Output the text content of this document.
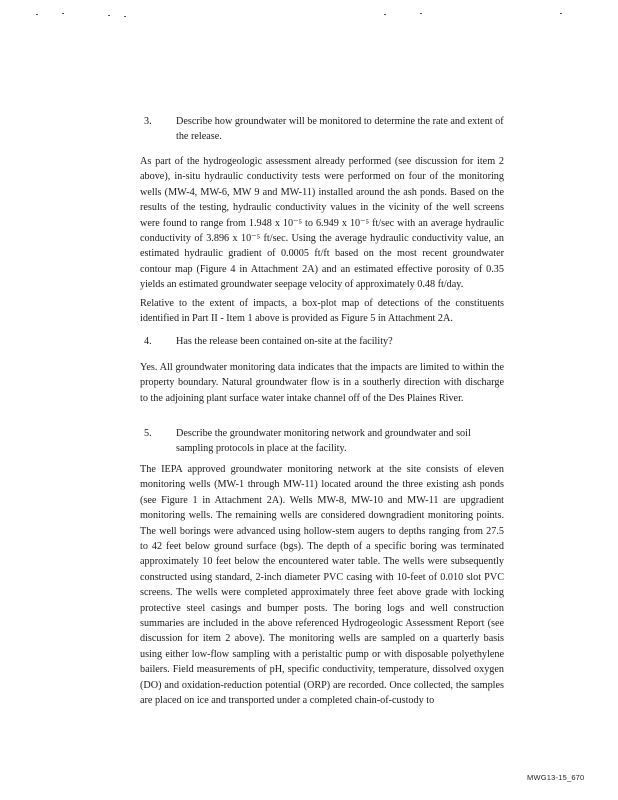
3. Describe how groundwater will be monitored to determine the rate and extent of the release.
As part of the hydrogeologic assessment already performed (see discussion for item 2 above), in-situ hydraulic conductivity tests were performed on four of the monitoring wells (MW-4, MW-6, MW 9 and MW-11) installed around the ash ponds. Based on the results of the testing, hydraulic conductivity values in the vicinity of the well screens were found to range from 1.948 x 10⁻⁵ to 6.949 x 10⁻⁵ ft/sec with an average hydraulic conductivity of 3.896 x 10⁻⁵ ft/sec. Using the average hydraulic conductivity value, an estimated hydraulic gradient of 0.0005 ft/ft based on the most recent groundwater contour map (Figure 4 in Attachment 2A) and an estimated effective porosity of 0.35 yields an estimated groundwater seepage velocity of approximately 0.48 ft/day.
Relative to the extent of impacts, a box-plot map of detections of the constituents identified in Part II - Item 1 above is provided as Figure 5 in Attachment 2A.
4. Has the release been contained on-site at the facility?
Yes. All groundwater monitoring data indicates that the impacts are limited to within the property boundary. Natural groundwater flow is in a southerly direction with discharge to the adjoining plant surface water intake channel off of the Des Plaines River.
5. Describe the groundwater monitoring network and groundwater and soil sampling protocols in place at the facility.
The IEPA approved groundwater monitoring network at the site consists of eleven monitoring wells (MW-1 through MW-11) located around the three existing ash ponds (see Figure 1 in Attachment 2A). Wells MW-8, MW-10 and MW-11 are upgradient monitoring wells. The remaining wells are considered downgradient monitoring points. The well borings were advanced using hollow-stem augers to depths ranging from 27.5 to 42 feet below ground surface (bgs). The depth of a specific boring was terminated approximately 10 feet below the encountered water table. The wells were subsequently constructed using standard, 2-inch diameter PVC casing with 10-feet of 0.010 slot PVC screens. The wells were completed approximately three feet above grade with locking protective steel casings and bumper posts. The boring logs and well construction summaries are included in the above referenced Hydrogeologic Assessment Report (see discussion for item 2 above). The monitoring wells are sampled on a quarterly basis using either low-flow sampling with a peristaltic pump or with disposable polyethylene bailers. Field measurements of pH, specific conductivity, temperature, dissolved oxygen (DO) and oxidation-reduction potential (ORP) are recorded. Once collected, the samples are placed on ice and transported under a completed chain-of-custody to
MWG13-15_670
